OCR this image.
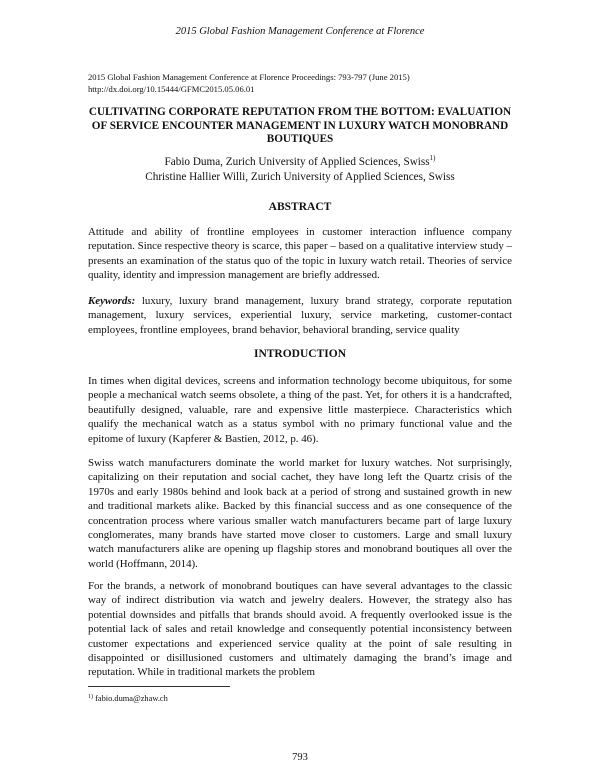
2015 Global Fashion Management Conference at Florence
2015 Global Fashion Management Conference at Florence Proceedings: 793-797 (June 2015)
http://dx.doi.org/10.15444/GFMC2015.05.06.01
CULTIVATING CORPORATE REPUTATION FROM THE BOTTOM: EVALUATION OF SERVICE ENCOUNTER MANAGEMENT IN LUXURY WATCH MONOBRAND BOUTIQUES
Fabio Duma, Zurich University of Applied Sciences, Swiss$^{1)}$
Christine Hallier Willi, Zurich University of Applied Sciences, Swiss
ABSTRACT
Attitude and ability of frontline employees in customer interaction influence company reputation. Since respective theory is scarce, this paper – based on a qualitative interview study – presents an examination of the status quo of the topic in luxury watch retail. Theories of service quality, identity and impression management are briefly addressed.
Keywords: luxury, luxury brand management, luxury brand strategy, corporate reputation management, luxury services, experiential luxury, service marketing, customer-contact employees, frontline employees, brand behavior, behavioral branding, service quality
INTRODUCTION
In times when digital devices, screens and information technology become ubiquitous, for some people a mechanical watch seems obsolete, a thing of the past. Yet, for others it is a handcrafted, beautifully designed, valuable, rare and expensive little masterpiece. Characteristics which qualify the mechanical watch as a status symbol with no primary functional value and the epitome of luxury (Kapferer & Bastien, 2012, p. 46).
Swiss watch manufacturers dominate the world market for luxury watches. Not surprisingly, capitalizing on their reputation and social cachet, they have long left the Quartz crisis of the 1970s and early 1980s behind and look back at a period of strong and sustained growth in new and traditional markets alike. Backed by this financial success and as one consequence of the concentration process where various smaller watch manufacturers became part of large luxury conglomerates, many brands have started move closer to customers. Large and small luxury watch manufacturers alike are opening up flagship stores and monobrand boutiques all over the world (Hoffmann, 2014).
For the brands, a network of monobrand boutiques can have several advantages to the classic way of indirect distribution via watch and jewelry dealers. However, the strategy also has potential downsides and pitfalls that brands should avoid. A frequently overlooked issue is the potential lack of sales and retail knowledge and consequently potential inconsistency between customer expectations and experienced service quality at the point of sale resulting in disappointed or disillusioned customers and ultimately damaging the brand’s image and reputation. While in traditional markets the problem
$^{1)}$ fabio.duma@zhaw.ch
793
